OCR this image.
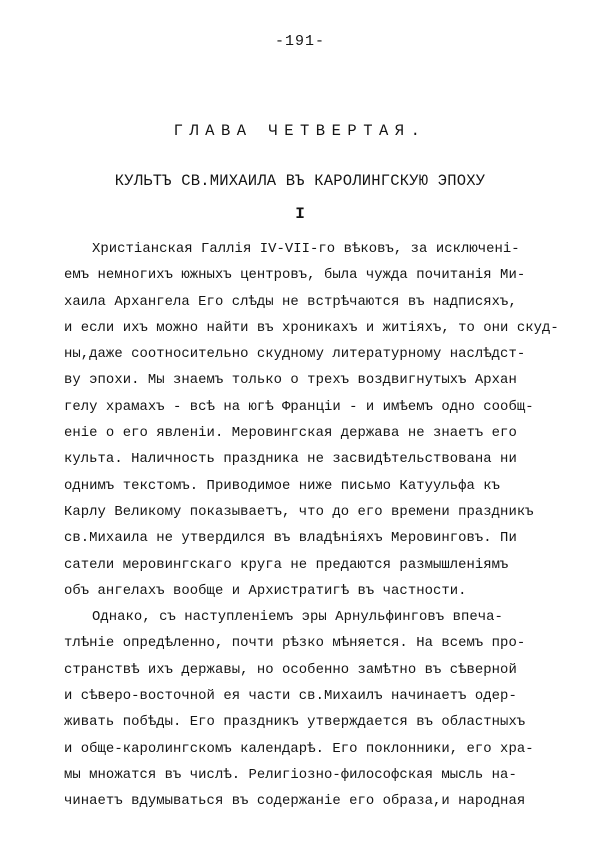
-191-
ГЛАВА ЧЕТВЕРТАЯ.
КУЛЬТЪ СВ.МИХАИЛА ВЪ КАРОЛИНГСКУЮ ЭПОХУ
I
Христіанская Галлія IV-VII-го вѣковъ, за исключені-
емъ немногихъ южныхъ центровъ, была чужда почитанія Ми-
хаила Архангела Его слѣды не встрѣчаются въ надписяхъ,
и если ихъ можно найти въ хроникахъ и житіяхъ, то они скуд-
ны,даже соотносительно скудному литературному наслѣдст-
ву эпохи. Мы знаемъ только о трехъ воздвигнутыхъ Архан
гелу храмахъ - всѣ на югѣ Франціи - и имѣемъ одно сообщ-
еніе о его явленіи. Меровингская держава не знаетъ его
культа. Наличность праздника не засвидѣтельствована ни
однимъ текстомъ. Приводимое ниже письмо Катуульфа къ
Карлу Великому показываетъ, что до его времени праздникъ
св.Михаила не утвердился въ владѣніяхъ Меровинговъ. Пи
сатели меровингскаго круга не предаются размышленіямъ
объ ангелахъ вообще и Архистратигѣ въ частности.
Однако, съ наступленіемъ эры Арнульфинговъ впеча-
тлѣніе опредѣленно, почти рѣзко мѣняется. На всемъ про-
странствѣ ихъ державы, но особенно замѣтно въ сѣверной
и сѣверо-восточной ея части св.Михаилъ начинаетъ одер-
живать побѣды. Его праздникъ утверждается въ областныхъ
и обще-каролингскомъ календарѣ. Его поклонники, его хра-
мы множатся въ числѣ. Религіозно-философская мысль на-
чинаетъ вдумываться въ содержаніе его образа,и народная
